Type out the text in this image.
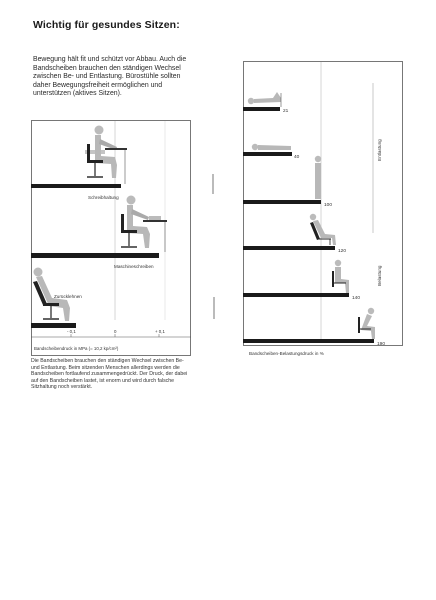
Wichtig für gesundes Sitzen:

Bewegung hält fit und schützt vor Abbau. Auch die Bandscheiben brauchen den ständigen Wechsel zwischen Be- und Entlastung. Bürostühle sollten daher Bewegungsfreiheit ermöglichen und unterstützen (aktives Sitzen).

Schreibhaltung
Maschineschreiben
Zurücklehnen
- 0,1	0	+ 0,1
Bandscheibendruck in MPa (= 10,2 kp/cm²)

Die Bandscheiben brauchen den ständigen Wechsel zwischen Be- und Entlastung. Beim sitzenden Menschen allerdings werden die Bandscheiben fortlaufend zusammengedrückt. Der Druck, der dabei auf den Bandscheiben lastet, ist enorm und wird durch falsche Sitzhaltung noch verstärkt.

21
40
100
120
140
190
Entlastung
Belastung
Bandscheiben-Belastungsdruck in %
